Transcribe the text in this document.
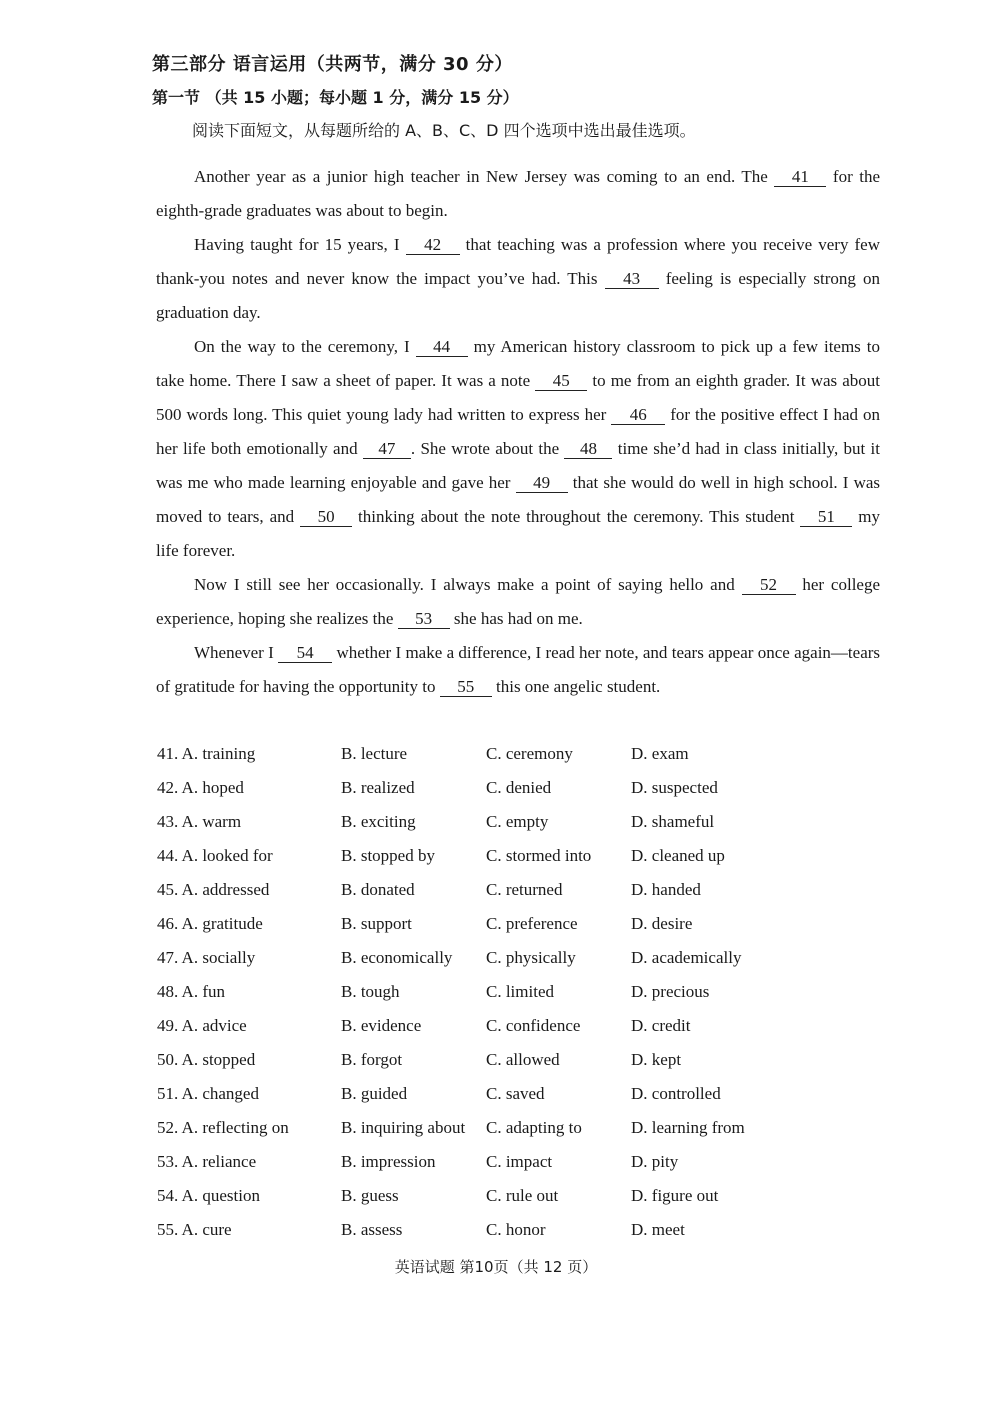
第三部分 语言运用（共两节，满分 30 分）
第一节 （共 15 小题；每小题 1 分，满分 15 分）
阅读下面短文，从每题所给的 A、B、C、D 四个选项中选出最佳选项。

Another year as a junior high teacher in New Jersey was coming to an end. The 41 for the eighth-grade graduates was about to begin.

Having taught for 15 years, I 42 that teaching was a profession where you receive very few thank-you notes and never know the impact you’ve had. This 43 feeling is especially strong on graduation day.

On the way to the ceremony, I 44 my American history classroom to pick up a few items to take home. There I saw a sheet of paper. It was a note 45 to me from an eighth grader. It was about 500 words long. This quiet young lady had written to express her 46 for the positive effect I had on her life both emotionally and 47 . She wrote about the 48 time she’d had in class initially, but it was me who made learning enjoyable and gave her 49 that she would do well in high school. I was moved to tears, and 50 thinking about the note throughout the ceremony. This student 51 my life forever.

Now I still see her occasionally. I always make a point of saying hello and 52 her college experience, hoping she realizes the 53 she has had on me.

Whenever I 54 whether I make a difference, I read her note, and tears appear once again—tears of gratitude for having the opportunity to 55 this one angelic student.

41. A. training	B. lecture	C. ceremony	D. exam
42. A. hoped	B. realized	C. denied	D. suspected
43. A. warm	B. exciting	C. empty	D. shameful
44. A. looked for	B. stopped by	C. stormed into D. cleaned up
45. A. addressed	B. donated	C. returned	D. handed
46. A. gratitude	B. support	C. preference	D. desire
47. A. socially	B. economically C. physically	D. academically
48. A. fun	B. tough	C. limited	D. precious
49. A. advice	B. evidence	C. confidence	D. credit
50. A. stopped	B. forgot	C. allowed	D. kept
51. A. changed	B. guided	C. saved	D. controlled
52. A. reflecting on	B. inquiring about C. adapting to	D. learning from
53. A. reliance	B. impression	C. impact	D. pity
54. A. question	B. guess	C. rule out	D. figure out
55. A. cure	B. assess	C. honor	D. meet
英语试题 第10页（共 12 页）
